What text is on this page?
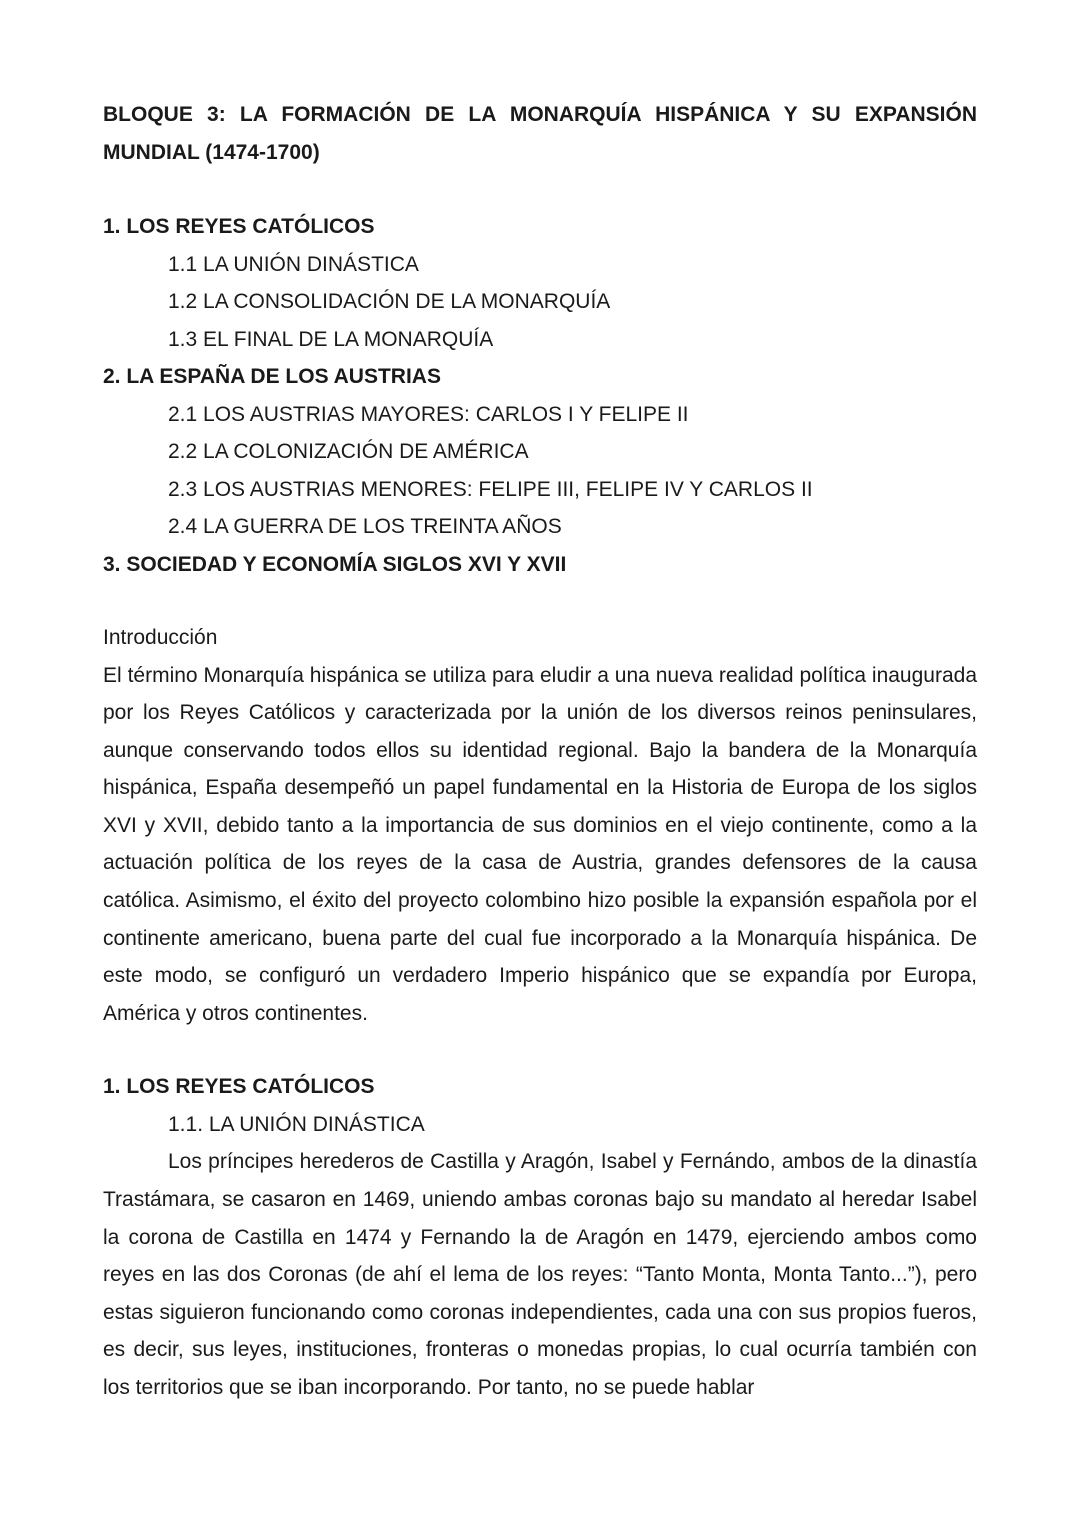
BLOQUE 3: LA FORMACIÓN DE LA MONARQUÍA HISPÁNICA Y SU EXPANSIÓN MUNDIAL (1474-1700)

1. LOS REYES CATÓLICOS

1.1 LA UNIÓN DINÁSTICA

1.2 LA CONSOLIDACIÓN DE LA MONARQUÍA

1.3 EL FINAL DE LA MONARQUÍA

2. LA ESPAÑA DE LOS AUSTRIAS

2.1 LOS AUSTRIAS MAYORES: CARLOS I Y FELIPE II

2.2 LA COLONIZACIÓN DE AMÉRICA

2.3 LOS AUSTRIAS MENORES: FELIPE III, FELIPE IV Y CARLOS II

2.4 LA GUERRA DE LOS TREINTA AÑOS

3. SOCIEDAD Y ECONOMÍA SIGLOS XVI Y XVII

Introducción

El término Monarquía hispánica se utiliza para eludir a una nueva realidad política inaugurada por los Reyes Católicos y caracterizada por la unión de los diversos reinos peninsulares, aunque conservando todos ellos su identidad regional. Bajo la bandera de la Monarquía hispánica, España desempeñó un papel fundamental en la Historia de Europa de los siglos XVI y XVII, debido tanto a la importancia de sus dominios en el viejo continente, como a la actuación política de los reyes de la casa de Austria, grandes defensores de la causa católica. Asimismo, el éxito del proyecto colombino hizo posible la expansión española por el continente americano, buena parte del cual fue incorporado a la Monarquía hispánica. De este modo, se configuró un verdadero Imperio hispánico que se expandía por Europa, América y otros continentes.

1. LOS REYES CATÓLICOS

1.1. LA UNIÓN DINÁSTICA

Los príncipes herederos de Castilla y Aragón, Isabel y Fernándo, ambos de la dinastía Trastámara, se casaron en 1469, uniendo ambas coronas bajo su mandato al heredar Isabel la corona de Castilla en 1474 y Fernando la de Aragón en 1479, ejerciendo ambos como reyes en las dos Coronas (de ahí el lema de los reyes: “Tanto Monta, Monta Tanto...”), pero estas siguieron funcionando como coronas independientes, cada una con sus propios fueros, es decir, sus leyes, instituciones, fronteras o monedas propias, lo cual ocurría también con los territorios que se iban incorporando. Por tanto, no se puede hablar
